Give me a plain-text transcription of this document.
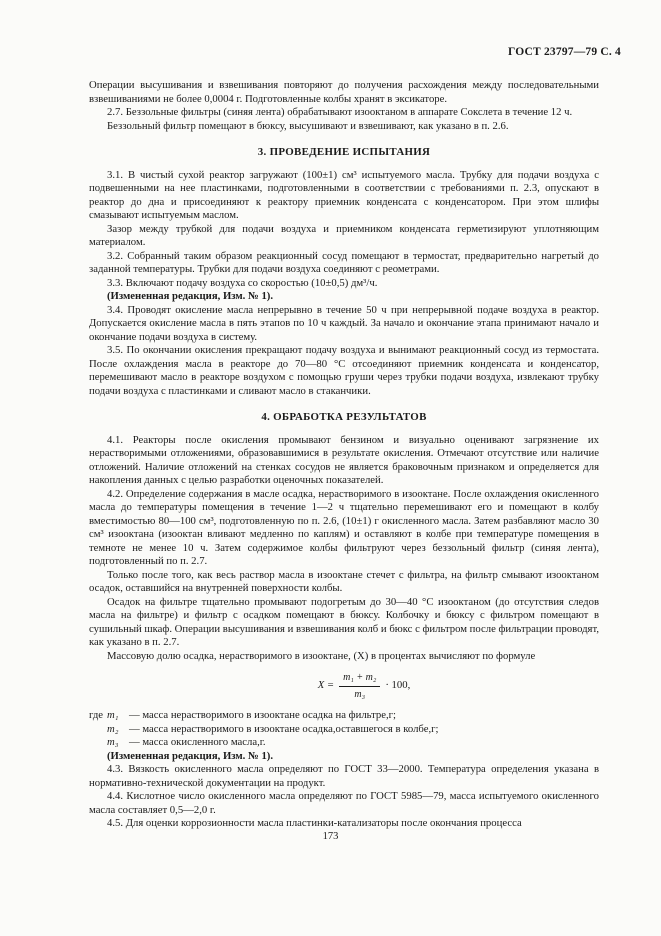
ГОСТ 23797—79 С. 4

Операции высушивания и взвешивания повторяют до получения расхождения между последовательными взвешиваниями не более 0,0004 г. Подготовленные колбы хранят в эксикаторе.

2.7. Беззольные фильтры (синяя лента) обрабатывают изооктаном в аппарате Сокслета в течение 12 ч.

Беззольный фильтр помещают в бюксу, высушивают и взвешивают, как указано в п. 2.6.

3. ПРОВЕДЕНИЕ ИСПЫТАНИЯ

3.1. В чистый сухой реактор загружают (100±1) см³ испытуемого масла. Трубку для подачи воздуха с подвешенными на нее пластинками, подготовленными в соответствии с требованиями п. 2.3, опускают в реактор до дна и присоединяют к реактору приемник конденсата с конденсатором. При этом шлифы смазывают испытуемым маслом.

Зазор между трубкой для подачи воздуха и приемником конденсата герметизируют уплотняющим материалом.

3.2. Собранный таким образом реакционный сосуд помещают в термостат, предварительно нагретый до заданной температуры. Трубки для подачи воздуха соединяют с реометрами.

3.3. Включают подачу воздуха со скоростью (10±0,5) дм³/ч.

(Измененная редакция, Изм. № 1).

3.4. Проводят окисление масла непрерывно в течение 50 ч при непрерывной подаче воздуха в реактор. Допускается окисление масла в пять этапов по 10 ч каждый. За начало и окончание этапа принимают начало и окончание подачи воздуха в систему.

3.5. По окончании окисления прекращают подачу воздуха и вынимают реакционный сосуд из термостата. После охлаждения масла в реакторе до 70—80 °С отсоединяют приемник конденсата и конденсатор, перемешивают масло в реакторе воздухом с помощью груши через трубки подачи воздуха, извлекают трубку подачи воздуха с пластинками и сливают масло в стаканчики.

4. ОБРАБОТКА РЕЗУЛЬТАТОВ

4.1. Реакторы после окисления промывают бензином и визуально оценивают загрязнение их нерастворимыми отложениями, образовавшимися в результате окисления. Отмечают отсутствие или наличие отложений. Наличие отложений на стенках сосудов не является браковочным признаком и определяется для накопления данных с целью разработки оценочных показателей.

4.2. Определение содержания в масле осадка, нерастворимого в изооктане. После охлаждения окисленного масла до температуры помещения в течение 1—2 ч тщательно перемешивают его и помещают в колбу вместимостью 80—100 см³, подготовленную по п. 2.6, (10±1) г окисленного масла. Затем разбавляют масло 30 см³ изооктана (изооктан вливают медленно по каплям) и оставляют в колбе при температуре помещения в темноте не менее 10 ч. Затем содержимое колбы фильтруют через беззольный фильтр (синяя лента), подготовленный по п. 2.7.

Только после того, как весь раствор масла в изооктане стечет с фильтра, на фильтр смывают изооктаном осадок, оставшийся на внутренней поверхности колбы.

Осадок на фильтре тщательно промывают подогретым до 30—40 °С изооктаном (до отсутствия следов масла на фильтре) и фильтр с осадком помещают в бюксу. Колбочку и бюксу с фильтром помещают в сушильный шкаф. Операции высушивания и взвешивания колб и бюкс с фильтром после фильтрации проводят, как указано в п. 2.7.

Массовую долю осадка, нерастворимого в изооктане, (X) в процентах вычисляют по формуле

$X = \frac{\text{m₁ + m₂}}{\text{m₃}} \cdot 100$,
где m₁ — масса нерастворимого в изооктане осадка на фильтре,г;
m₂ — масса нерастворимого в изооктане осадка,оставшегося в колбе,г;
m₃ — масса окисленного масла,г.

(Измененная редакция, Изм. № 1).

4.3. Вязкость окисленного масла определяют по ГОСТ 33—2000. Температура определения указана в нормативно-технической документации на продукт.

4.4. Кислотное число окисленного масла определяют по ГОСТ 5985—79, масса испытуемого окисленного масла составляет 0,5—2,0 г.

4.5. Для оценки коррозионности масла пластинки-катализаторы после окончания процесса

173
